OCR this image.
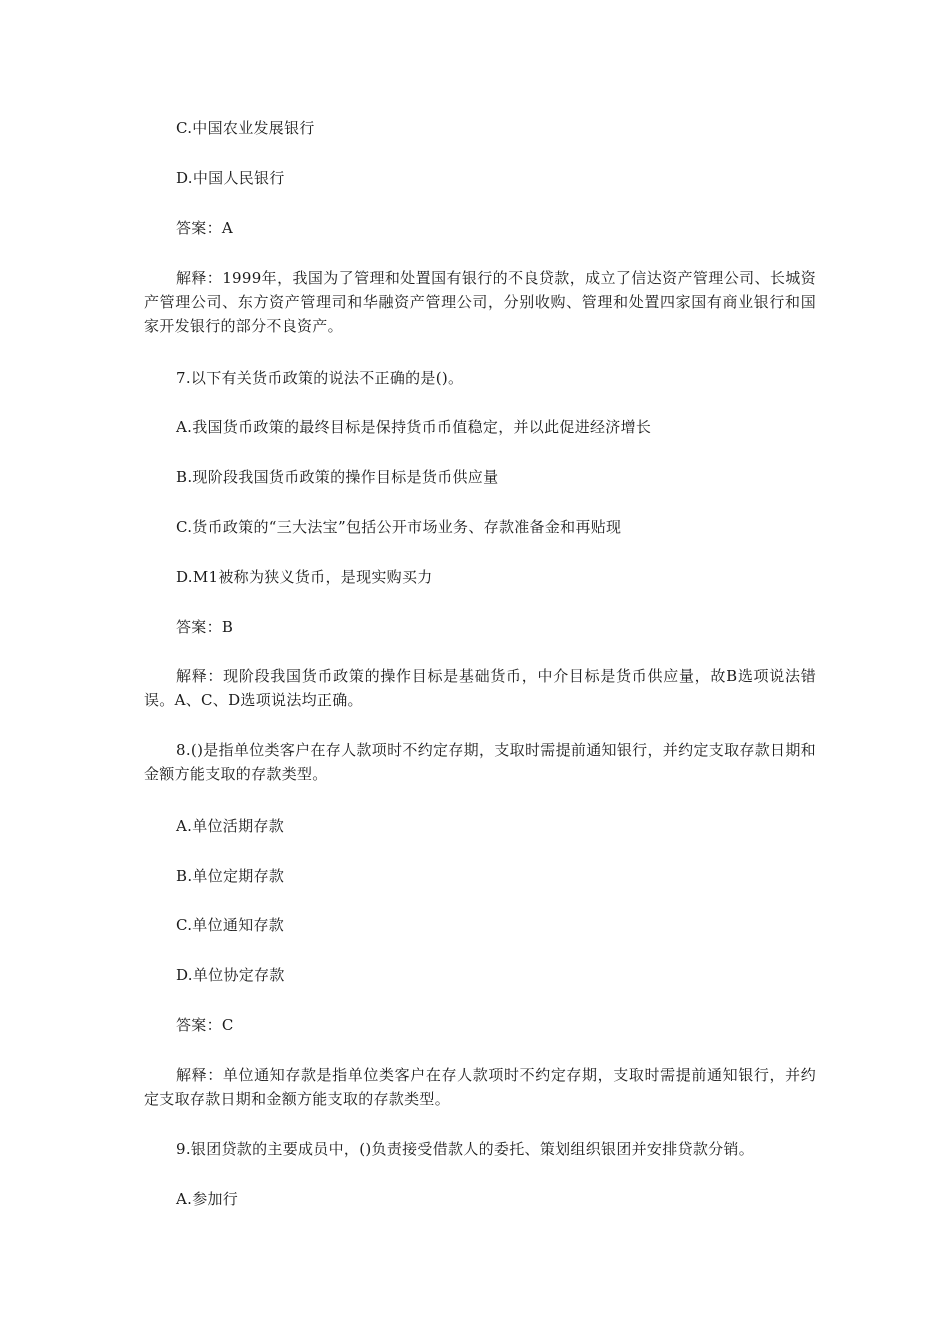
C.中国农业发展银行
D.中国人民银行
答案：A
解释：1999年，我国为了管理和处置国有银行的不良贷款，成立了信达资产管理公司、长城资产管理公司、东方资产管理司和华融资产管理公司，分别收购、管理和处置四家国有商业银行和国家开发银行的部分不良资产。
7.以下有关货币政策的说法不正确的是()。
A.我国货币政策的最终目标是保持货币币值稳定，并以此促进经济增长
B.现阶段我国货币政策的操作目标是货币供应量
C.货币政策的“三大法宝”包括公开市场业务、存款准备金和再贴现
D.M1被称为狭义货币，是现实购买力
答案：B
解释：现阶段我国货币政策的操作目标是基础货币，中介目标是货币供应量，故B选项说法错误。A、C、D选项说法均正确。
8.()是指单位类客户在存人款项时不约定存期，支取时需提前通知银行，并约定支取存款日期和金额方能支取的存款类型。
A.单位活期存款
B.单位定期存款
C.单位通知存款
D.单位协定存款
答案：C
解释：单位通知存款是指单位类客户在存人款项时不约定存期，支取时需提前通知银行，并约定支取存款日期和金额方能支取的存款类型。
9.银团贷款的主要成员中，()负责接受借款人的委托、策划组织银团并安排贷款分销。
A.参加行
